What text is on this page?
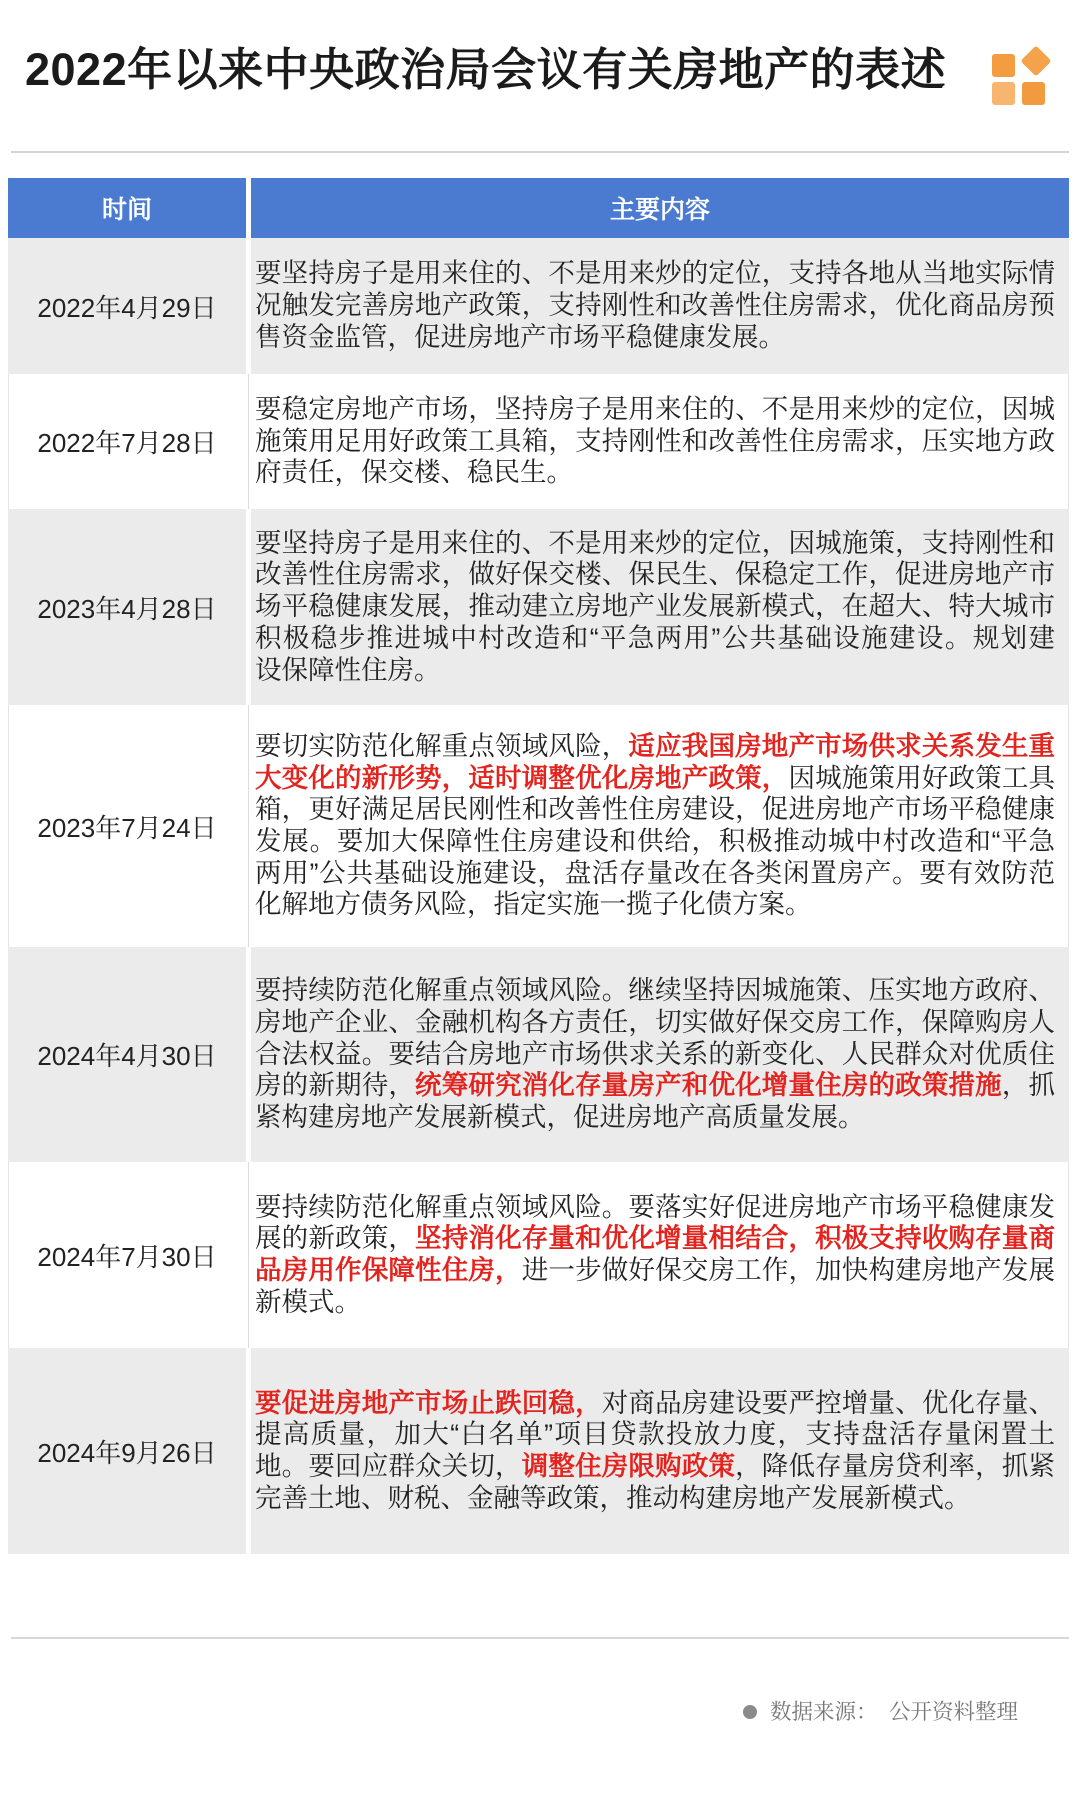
2022年以来中央政治局会议有关房地产的表述
时间	主要内容
2022年4月29日
要坚持房子是用来住的、不是用来炒的定位，支持各地从当地实际情
况触发完善房地产政策，支持刚性和改善性住房需求，优化商品房预
售资金监管，促进房地产市场平稳健康发展。
2022年7月28日
要稳定房地产市场，坚持房子是用来住的、不是用来炒的定位，因城
施策用足用好政策工具箱，支持刚性和改善性住房需求，压实地方政
府责任，保交楼、稳民生。
2023年4月28日
要坚持房子是用来住的、不是用来炒的定位，因城施策，支持刚性和
改善性住房需求，做好保交楼、保民生、保稳定工作，促进房地产市
场平稳健康发展，推动建立房地产业发展新模式，在超大、特大城市
积极稳步推进城中村改造和“平急两用”公共基础设施建设。规划建
设保障性住房。
2023年7月24日
要切实防范化解重点领域风险，适应我国房地产市场供求关系发生重
大变化的新形势，适时调整优化房地产政策，因城施策用好政策工具
箱，更好满足居民刚性和改善性住房建设，促进房地产市场平稳健康
发展。要加大保障性住房建设和供给，积极推动城中村改造和“平急
两用”公共基础设施建设，盘活存量改在各类闲置房产。要有效防范
化解地方债务风险，指定实施一揽子化债方案。
2024年4月30日
要持续防范化解重点领域风险。继续坚持因城施策、压实地方政府、
房地产企业、金融机构各方责任，切实做好保交房工作，保障购房人
合法权益。要结合房地产市场供求关系的新变化、人民群众对优质住
房的新期待，统筹研究消化存量房产和优化增量住房的政策措施，抓
紧构建房地产发展新模式，促进房地产高质量发展。
2024年7月30日
要持续防范化解重点领域风险。要落实好促进房地产市场平稳健康发
展的新政策，坚持消化存量和优化增量相结合，积极支持收购存量商
品房用作保障性住房，进一步做好保交房工作，加快构建房地产发展
新模式。
2024年9月26日
要促进房地产市场止跌回稳，对商品房建设要严控增量、优化存量、
提高质量，加大“白名单”项目贷款投放力度，支持盘活存量闲置土
地。要回应群众关切，调整住房限购政策，降低存量房贷利率，抓紧
完善土地、财税、金融等政策，推动构建房地产发展新模式。
数据来源： 公开资料整理
